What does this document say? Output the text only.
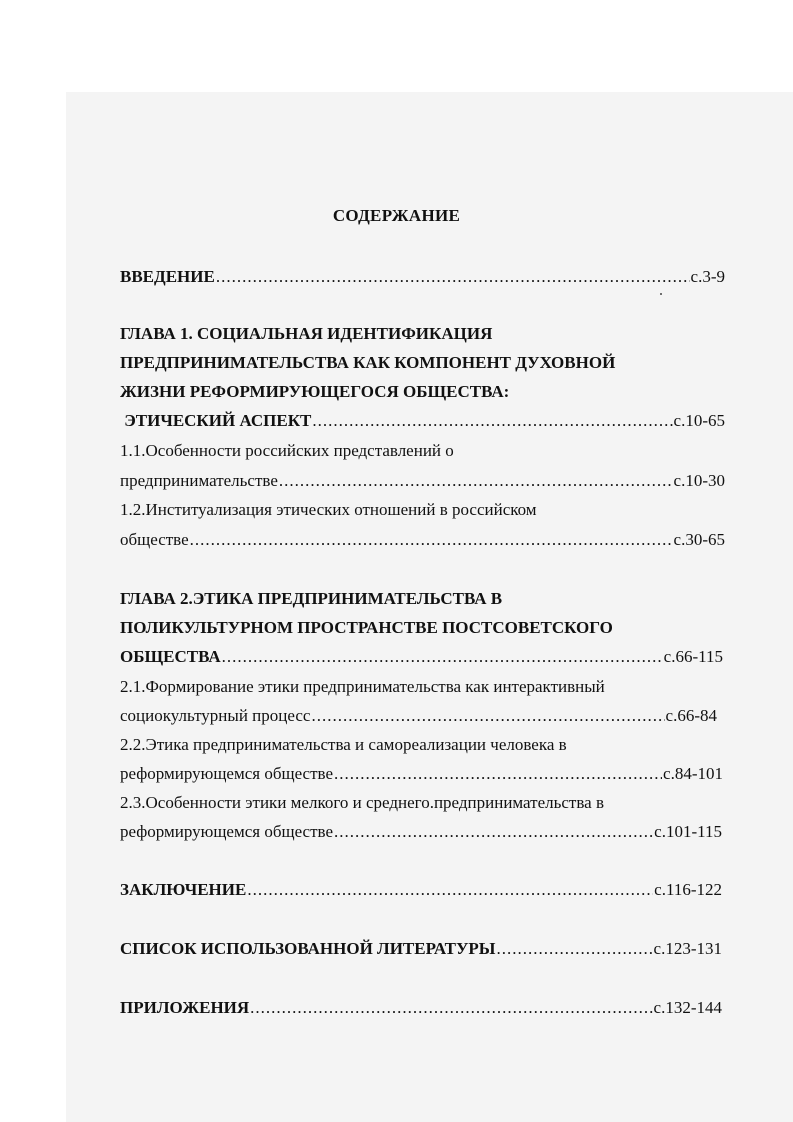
СОДЕРЖАНИЕ
ВВЕДЕНИЕ .....	с.3-9
ГЛАВА 1. СОЦИАЛЬНАЯ ИДЕНТИФИКАЦИЯ
ПРЕДПРИНИМАТЕЛЬСТВА КАК КОМПОНЕНТ ДУХОВНОЙ
ЖИЗНИ РЕФОРМИРУЮЩЕГОСЯ ОБЩЕСТВА:
ЭТИЧЕСКИЙ АСПЕКТ .....	с.10-65
1.1.Особенности российских представлений о
предпринимательстве .....	с.10-30
1.2.Институализация этических отношений в российском
обществе .....	с.30-65
ГЛАВА 2.ЭТИКА ПРЕДПРИНИМАТЕЛЬСТВА В
ПОЛИКУЛЬТУРНОМ ПРОСТРАНСТВЕ ПОСТСОВЕТСКОГО
ОБЩЕСТВА .....	с.66-115
2.1.Формирование этики предпринимательства как интерактивный
социокультурный процесс .....	с.66-84
2.2.Этика предпринимательства и самореализации человека в
реформирующемся обществе .....	с.84-101
2.3.Особенности этики мелкого и среднего.предпринимательства в
реформирующемся обществе .....	с.101-115
ЗАКЛЮЧЕНИЕ .....	с.116-122
СПИСОК ИСПОЛЬЗОВАННОЙ ЛИТЕРАТУРЫ .....	с.123-131
ПРИЛОЖЕНИЯ .....	с.132-144
